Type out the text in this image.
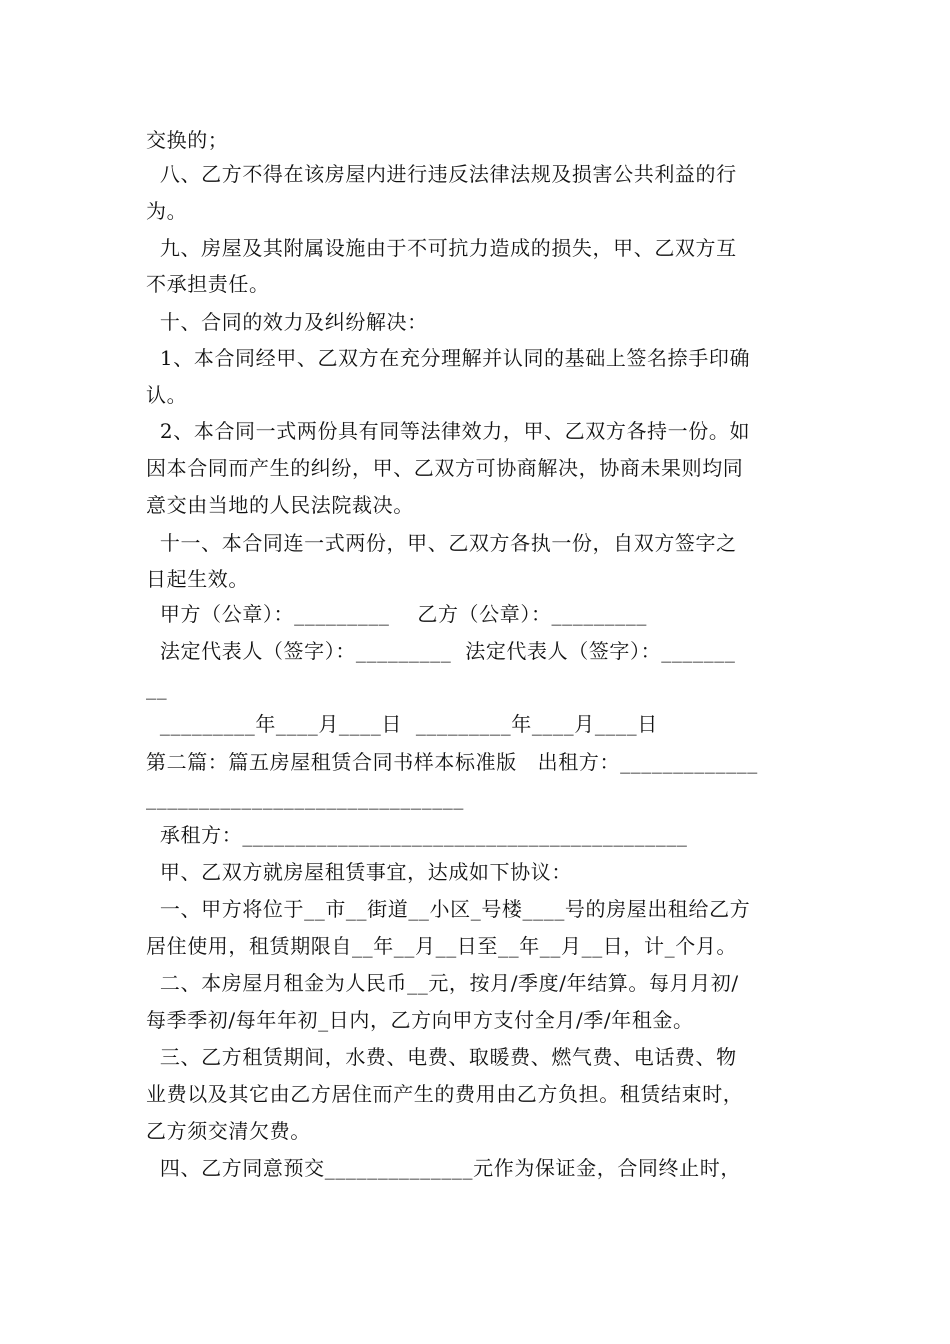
交换的；
八、乙方不得在该房屋内进行违反法律法规及损害公共利益的行
为。
九、房屋及其附属设施由于不可抗力造成的损失，甲、乙双方互
不承担责任。
十、合同的效力及纠纷解决：
1、本合同经甲、乙双方在充分理解并认同的基础上签名捺手印确
认。
2、本合同一式两份具有同等法律效力，甲、乙双方各持一份。如
因本合同而产生的纠纷，甲、乙双方可协商解决，协商未果则均同
意交由当地的人民法院裁决。
十一、本合同连一式两份，甲、乙双方各执一份，自双方签字之
日起生效。
甲方（公章）：_________    乙方（公章）：_________
法定代表人（签字）：_________  法定代表人（签字）：_______
__
_________年____月____日  _________年____月____日
第二篇：篇五房屋租赁合同书样本标准版   出租方：_____________
______________________________
承租方：__________________________________________
甲、乙双方就房屋租赁事宜，达成如下协议：
一、甲方将位于__市__街道__小区_号楼____号的房屋出租给乙方
居住使用，租赁期限自__年__月__日至__年__月__日，计_个月。
二、本房屋月租金为人民币__元，按月/季度/年结算。每月月初/
每季季初/每年年初_日内，乙方向甲方支付全月/季/年租金。
三、乙方租赁期间，水费、电费、取暖费、燃气费、电话费、物
业费以及其它由乙方居住而产生的费用由乙方负担。租赁结束时，
乙方须交清欠费。
四、乙方同意预交______________元作为保证金，合同终止时，
